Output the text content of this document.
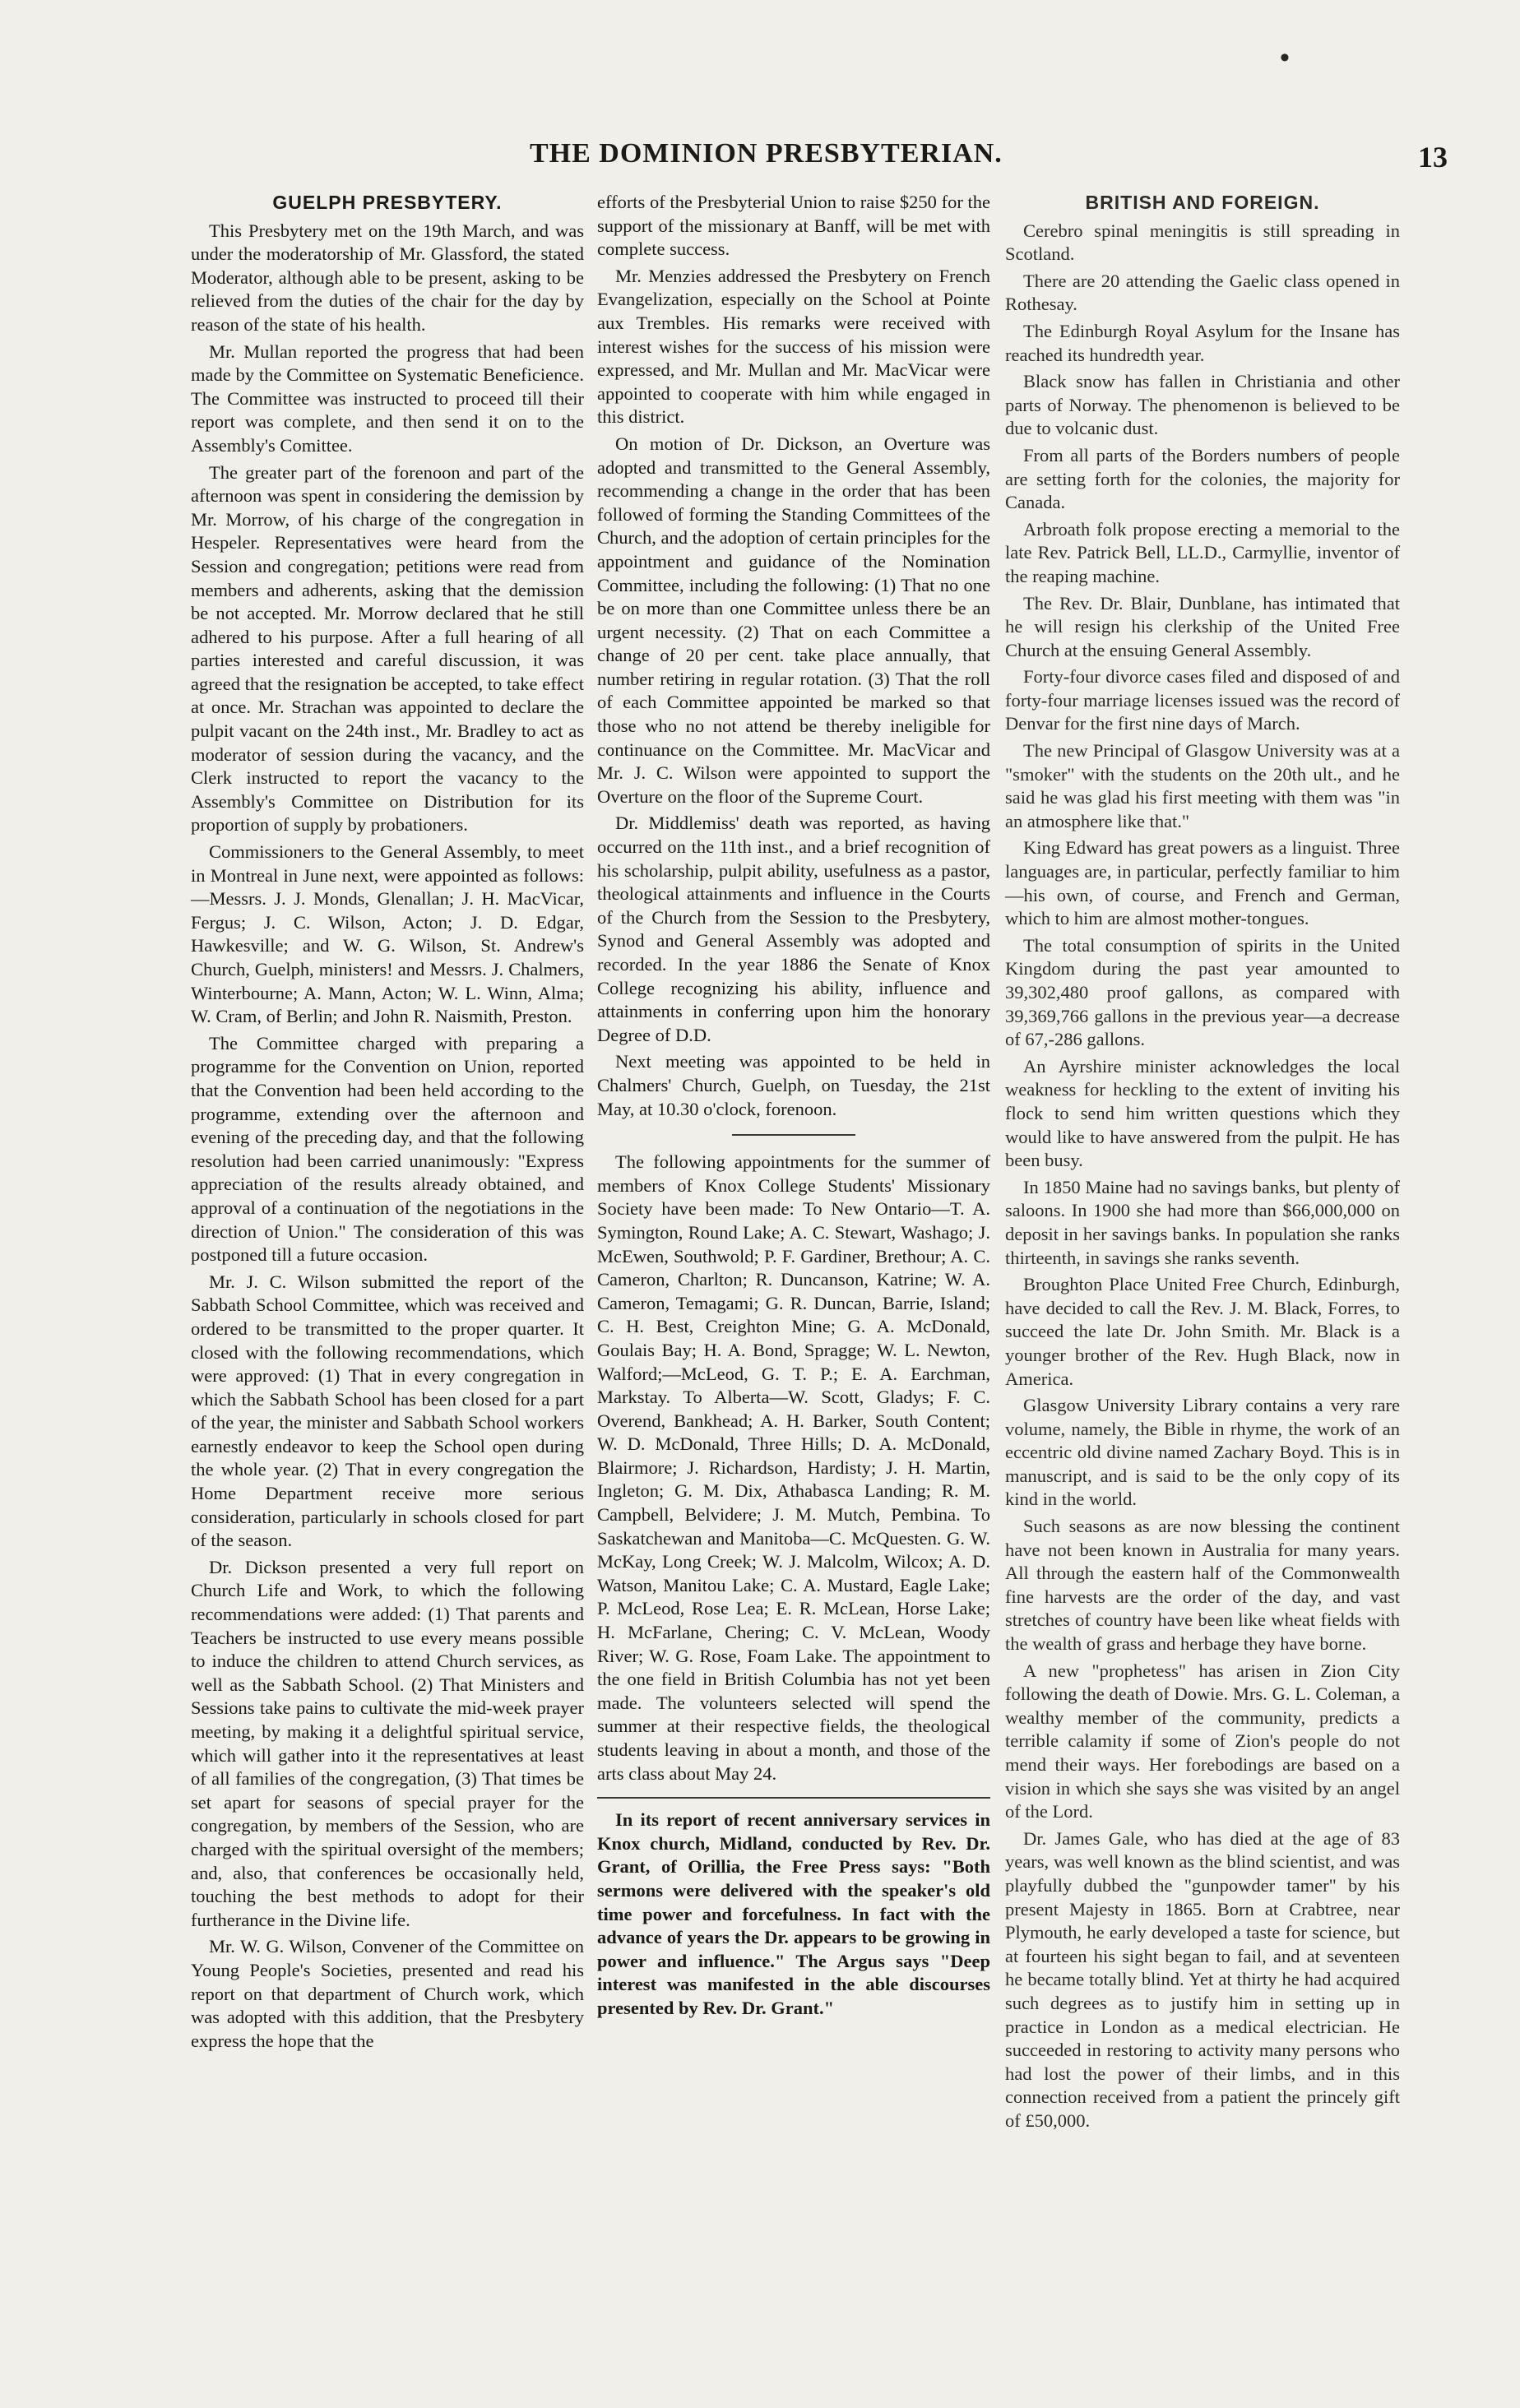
•
THE DOMINION PRESBYTERIAN.	13
GUELPH PRESBYTERY.

This Presbytery met on the 19th March, and was under the moderatorship of Mr. Glassford, the stated Moderator, although able to be present, asking to be relieved from the duties of the chair for the day by reason of the state of his health.

Mr. Mullan reported the progress that had been made by the Committee on Systematic Beneficience. The Committee was instructed to proceed till their report was complete, and then send it on to the Assembly's Comittee.

The greater part of the forenoon and part of the afternoon was spent in considering the demission by Mr. Morrow, of his charge of the congregation in Hespeler. Representatives were heard from the Session and congregation; petitions were read from members and adherents, asking that the demission be not accepted. Mr. Morrow declared that he still adhered to his purpose. After a full hearing of all parties interested and careful discussion, it was agreed that the resignation be accepted, to take effect at once. Mr. Strachan was appointed to declare the pulpit vacant on the 24th inst., Mr. Bradley to act as moderator of session during the vacancy, and the Clerk instructed to report the vacancy to the Assembly's Committee on Distribution for its proportion of supply by probationers.

Commissioners to the General Assembly, to meet in Montreal in June next, were appointed as follows:—Messrs. J. J. Monds, Glenallan; J. H. MacVicar, Fergus; J. C. Wilson, Acton; J. D. Edgar, Hawkesville; and W. G. Wilson, St. Andrew's Church, Guelph, ministers! and Messrs. J. Chalmers, Winterbourne; A. Mann, Acton; W. L. Winn, Alma; W. Cram, of Berlin; and John R. Naismith, Preston.

The Committee charged with preparing a programme for the Convention on Union, reported that the Convention had been held according to the programme, extending over the afternoon and evening of the preceding day, and that the following resolution had been carried unanimously: "Express appreciation of the results already obtained, and approval of a continuation of the negotiations in the direction of Union." The consideration of this was postponed till a future occasion.

Mr. J. C. Wilson submitted the report of the Sabbath School Committee, which was received and ordered to be transmitted to the proper quarter. It closed with the following recommendations, which were approved: (1) That in every congregation in which the Sabbath School has been closed for a part of the year, the minister and Sabbath School workers earnestly endeavor to keep the School open during the whole year. (2) That in every congregation the Home Department receive more serious consideration, particularly in schools closed for part of the season.

Dr. Dickson presented a very full report on Church Life and Work, to which the following recommendations were added: (1) That parents and Teachers be instructed to use every means possible to induce the children to attend Church services, as well as the Sabbath School. (2) That Ministers and Sessions take pains to cultivate the mid-week prayer meeting, by making it a delightful spiritual service, which will gather into it the representatives at least of all families of the congregation, (3) That times be set apart for seasons of special prayer for the congregation, by members of the Session, who are charged with the spiritual oversight of the members; and, also, that conferences be occasionally held, touching the best methods to adopt for their furtherance in the Divine life.

Mr. W. G. Wilson, Convener of the Committee on Young People's Societies, presented and read his report on that department of Church work, which was adopted with this addition, that the Presbytery express the hope that the

efforts of the Presbyterial Union to raise $250 for the support of the missionary at Banff, will be met with complete success.

Mr. Menzies addressed the Presbytery on French Evangelization, especially on the School at Pointe aux Trembles. His remarks were received with interest wishes for the success of his mission were expressed, and Mr. Mullan and Mr. MacVicar were appointed to cooperate with him while engaged in this district.

On motion of Dr. Dickson, an Overture was adopted and transmitted to the General Assembly, recommending a change in the order that has been followed of forming the Standing Committees of the Church, and the adoption of certain principles for the appointment and guidance of the Nomination Committee, including the following: (1) That no one be on more than one Committee unless there be an urgent necessity. (2) That on each Committee a change of 20 per cent. take place annually, that number retiring in regular rotation. (3) That the roll of each Committee appointed be marked so that those who no not attend be thereby ineligible for continuance on the Committee. Mr. MacVicar and Mr. J. C. Wilson were appointed to support the Overture on the floor of the Supreme Court.

Dr. Middlemiss' death was reported, as having occurred on the 11th inst., and a brief recognition of his scholarship, pulpit ability, usefulness as a pastor, theological attainments and influence in the Courts of the Church from the Session to the Presbytery, Synod and General Assembly was adopted and recorded. In the year 1886 the Senate of Knox College recognizing his ability, influence and attainments in conferring upon him the honorary Degree of D.D.

Next meeting was appointed to be held in Chalmers' Church, Guelph, on Tuesday, the 21st May, at 10.30 o'clock, forenoon.

The following appointments for the summer of members of Knox College Students' Missionary Society have been made: To New Ontario—T. A. Symington, Round Lake; A. C. Stewart, Washago; J. McEwen, Southwold; P. F. Gardiner, Brethour; A. C. Cameron, Charlton; R. Duncanson, Katrine; W. A. Cameron, Temagami; G. R. Duncan, Barrie, Island; C. H. Best, Creighton Mine; G. A. McDonald, Goulais Bay; H. A. Bond, Spragge; W. L. Newton, Walford;—McLeod, G. T. P.; E. A. Earchman, Markstay. To Alberta—W. Scott, Gladys; F. C. Overend, Bankhead; A. H. Barker, South Content; W. D. McDonald, Three Hills; D. A. McDonald, Blairmore; J. Richardson, Hardisty; J. H. Martin, Ingleton; G. M. Dix, Athabasca Landing; R. M. Campbell, Belvidere; J. M. Mutch, Pembina. To Saskatchewan and Manitoba—C. McQuesten. G. W. McKay, Long Creek; W. J. Malcolm, Wilcox; A. D. Watson, Manitou Lake; C. A. Mustard, Eagle Lake; P. McLeod, Rose Lea; E. R. McLean, Horse Lake; H. McFarlane, Chering; C. V. McLean, Woody River; W. G. Rose, Foam Lake. The appointment to the one field in British Columbia has not yet been made. The volunteers selected will spend the summer at their respective fields, the theological students leaving in about a month, and those of the arts class about May 24.

In its report of recent anniversary services in Knox church, Midland, conducted by Rev. Dr. Grant, of Orillia, the Free Press says: "Both sermons were delivered with the speaker's old time power and forcefulness. In fact with the advance of years the Dr. appears to be growing in power and influence." The Argus says "Deep interest was manifested in the able discourses presented by Rev. Dr. Grant."

BRITISH AND FOREIGN.

Cerebro spinal meningitis is still spreading in Scotland.

There are 20 attending the Gaelic class opened in Rothesay.

The Edinburgh Royal Asylum for the Insane has reached its hundredth year.

Black snow has fallen in Christiania and other parts of Norway. The phenomenon is believed to be due to volcanic dust.

From all parts of the Borders numbers of people are setting forth for the colonies, the majority for Canada.

Arbroath folk propose erecting a memorial to the late Rev. Patrick Bell, LL.D., Carmyllie, inventor of the reaping machine.

The Rev. Dr. Blair, Dunblane, has intimated that he will resign his clerkship of the United Free Church at the ensuing General Assembly.

Forty-four divorce cases filed and disposed of and forty-four marriage licenses issued was the record of Denvar for the first nine days of March.

The new Principal of Glasgow University was at a "smoker" with the students on the 20th ult., and he said he was glad his first meeting with them was "in an atmosphere like that."

King Edward has great powers as a linguist. Three languages are, in particular, perfectly familiar to him—his own, of course, and French and German, which to him are almost mother-tongues.

The total consumption of spirits in the United Kingdom during the past year amounted to 39,302,480 proof gallons, as compared with 39,369,766 gallons in the previous year—a decrease of 67,-286 gallons.

An Ayrshire minister acknowledges the local weakness for heckling to the extent of inviting his flock to send him written questions which they would like to have answered from the pulpit. He has been busy.

In 1850 Maine had no savings banks, but plenty of saloons. In 1900 she had more than $66,000,000 on deposit in her savings banks. In population she ranks thirteenth, in savings she ranks seventh.

Broughton Place United Free Church, Edinburgh, have decided to call the Rev. J. M. Black, Forres, to succeed the late Dr. John Smith. Mr. Black is a younger brother of the Rev. Hugh Black, now in America.

Glasgow University Library contains a very rare volume, namely, the Bible in rhyme, the work of an eccentric old divine named Zachary Boyd. This is in manuscript, and is said to be the only copy of its kind in the world.

Such seasons as are now blessing the continent have not been known in Australia for many years. All through the eastern half of the Commonwealth fine harvests are the order of the day, and vast stretches of country have been like wheat fields with the wealth of grass and herbage they have borne.

A new "prophetess" has arisen in Zion City following the death of Dowie. Mrs. G. L. Coleman, a wealthy member of the community, predicts a terrible calamity if some of Zion's people do not mend their ways. Her forebodings are based on a vision in which she says she was visited by an angel of the Lord.

Dr. James Gale, who has died at the age of 83 years, was well known as the blind scientist, and was playfully dubbed the "gunpowder tamer" by his present Majesty in 1865. Born at Crabtree, near Plymouth, he early developed a taste for science, but at fourteen his sight began to fail, and at seventeen he became totally blind. Yet at thirty he had acquired such degrees as to justify him in setting up in practice in London as a medical electrician. He succeeded in restoring to activity many persons who had lost the power of their limbs, and in this connection received from a patient the princely gift of £50,000.
